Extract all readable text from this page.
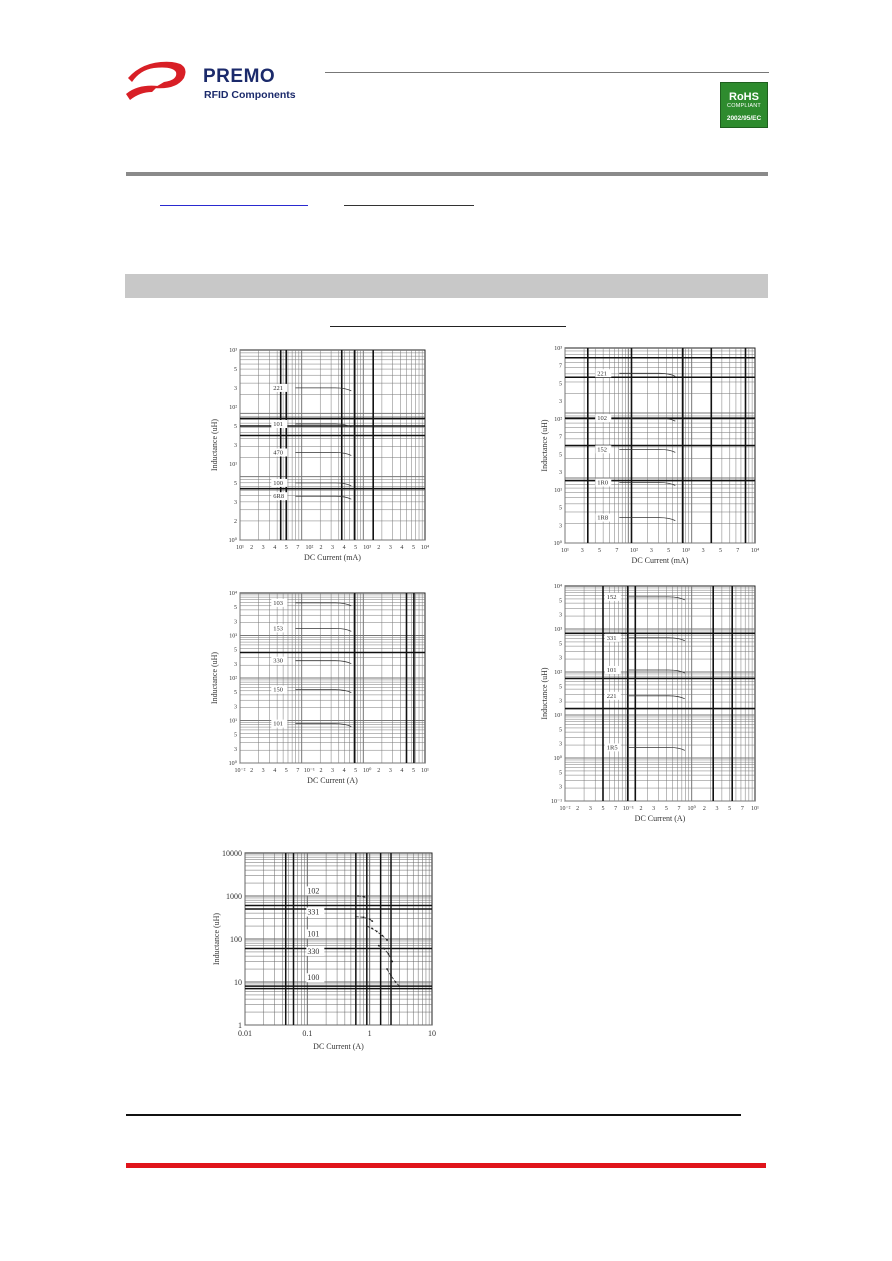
PREMO
RFID Components	RoHS
COMPLIANT
2002/95/EC
10¹ 2 3 4 5 7 10² 2 3 4 5 10³ 2 3 4 5 10⁴
10³
5
3
10²
5
3
10¹
5
3
2
10⁰
DC Current (mA)
Inductance (uH)
221
101
470
100
6R8
10¹ 3 5 7 10² 3 5 10³ 3 5 7 10⁴
10³
7
5
3
10²
7
5
3
10¹
5
3
10⁰
DC Current (mA)
Inductance (uH)
221
102
152
1R0
1R8
10⁻² 2 3 4 5 7 10⁻¹ 2 3 4 5 10⁰ 2 3 4 5 10¹
10⁴
5
3
10³
5
3
10²
5
3
10¹
5
3
10⁰
DC Current (A)
Inductance (uH)
103
153
330
150
101
10⁻² 2 3 5 7 10⁻¹ 2 3 5 7 10⁰ 2 3 5 7 10¹
10⁴
5
3
10³
5
3
10²
5
3
10¹
5
3
10⁰
5
3
10⁻¹
DC Current (A)
Inductance (uH)
152
331
101
221
1R5
0.01	0.1	1	10
10000
1000
100
10
1
DC Current (A)
Inductance (uH)
102
331
101
330
100
